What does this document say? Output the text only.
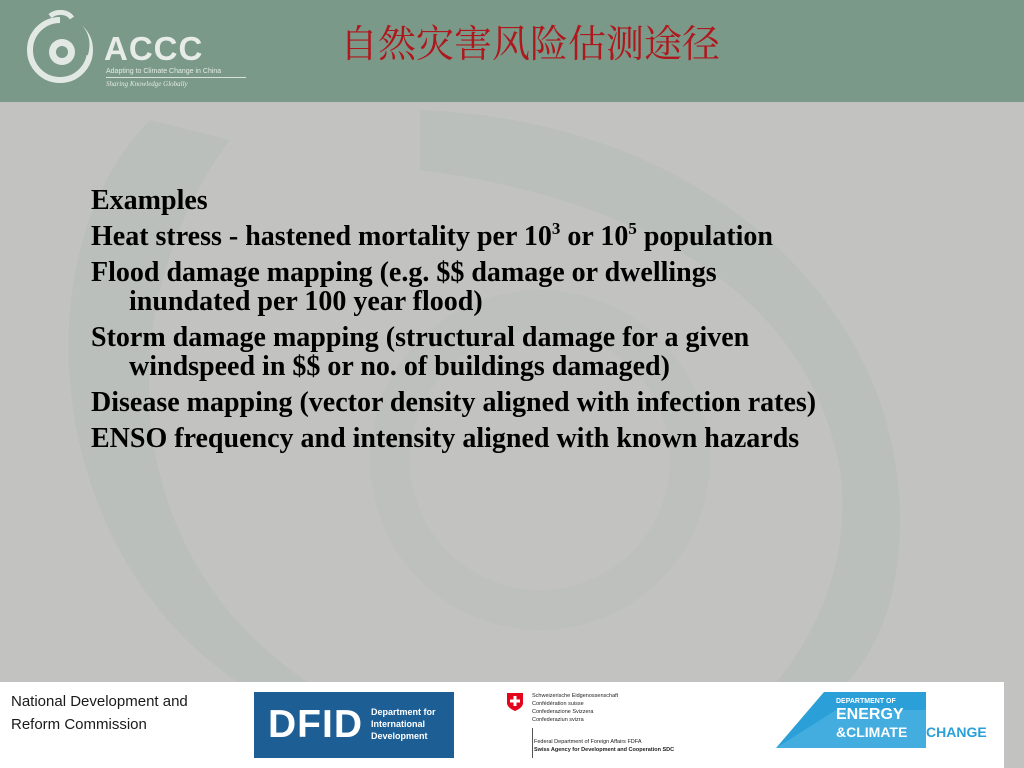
ACCC
Adapting to Climate Change in China
Sharing Knowledge Globally
自然灾害风险估测途径

Examples

Heat stress - hastened mortality per $10^3$ or $10^5$ population

Flood damage mapping (e.g. $$ damage or dwellings inundated per 100 year flood)

Storm damage mapping (structural damage for a given windspeed in $$ or no. of buildings damaged)

Disease mapping (vector density aligned with infection rates)

ENSO frequency and intensity aligned with known hazards

National Development and
Reform Commission	DFID Department for
International
Development
Schweizerische Eidgenossenschaft
Confédération suisse
Confederazione Svizzera
Confederaziun svizra
Federal Department of Foreign Affairs FDFA
Swiss Agency for Development and Cooperation SDC
DEPARTMENT OF
ENERGY
&CLIMATE CHANGE
